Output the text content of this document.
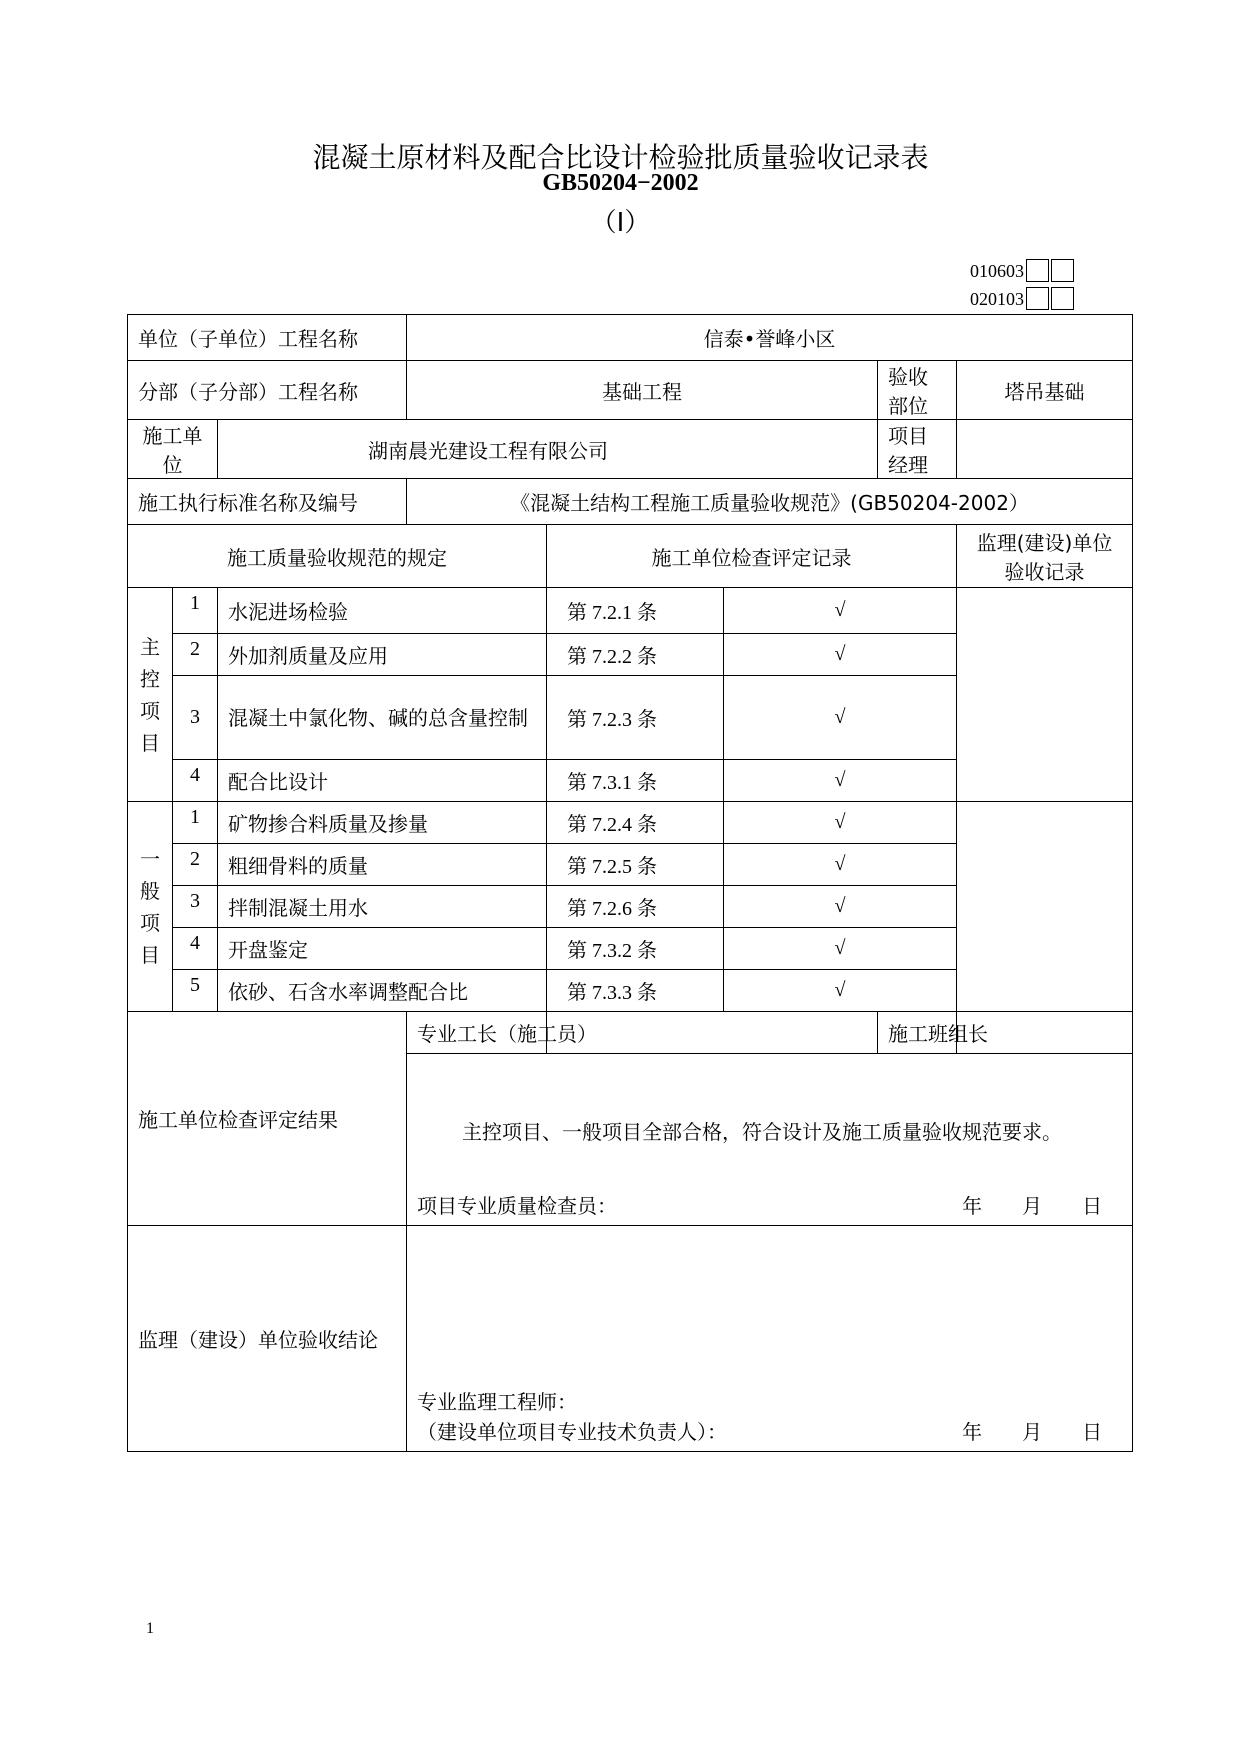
混凝土原材料及配合比设计检验批质量验收记录表
GB50204−2002
（Ⅰ）
010603
020103
单位（子单位）工程名称			信泰•誉峰小区				
分部（子分部）工程名称			基础工程			验收部位	塔吊基础
施工单位		湖南晨光建设工程有限公司				项目经理	
施工执行标准名称及编号			《混凝土结构工程施工质量验收规范》(GB50204-2002）				
施工质量验收规范的规定				施工单位检查评定记录			监理(建设)单位
验收记录

主
控
项
目	1	水泥进场检验		第 7.2.1 条	√		
	2	外加剂质量及应用		第 7.2.2 条	√		
	3	混凝土中氯化物、碱的总含量控制		第 7.2.3 条	√		
	4	配合比设计		第 7.3.1 条	√		

一
般
项
目	1	矿物掺合料质量及掺量		第 7.2.4 条	√		
	2	粗细骨料的质量		第 7.2.5 条	√		
	3	拌制混凝土用水		第 7.2.6 条	√		
	4	开盘鉴定		第 7.3.2 条	√		
	5	依砂、石含水率调整配合比		第 7.3.3 条	√		
施工单位检查评定结果			专业工长（施工员）			施工班组长	

			主控项目、一般项目全部合格，符合设计及施工质量验收规范要求。
项目专业质量检查员： 年　　月　　日				

监理（建设）单位验收结论			专业监理工程师：
（建设单位项目专业技术负责人）： 年　　月　　日				
1
